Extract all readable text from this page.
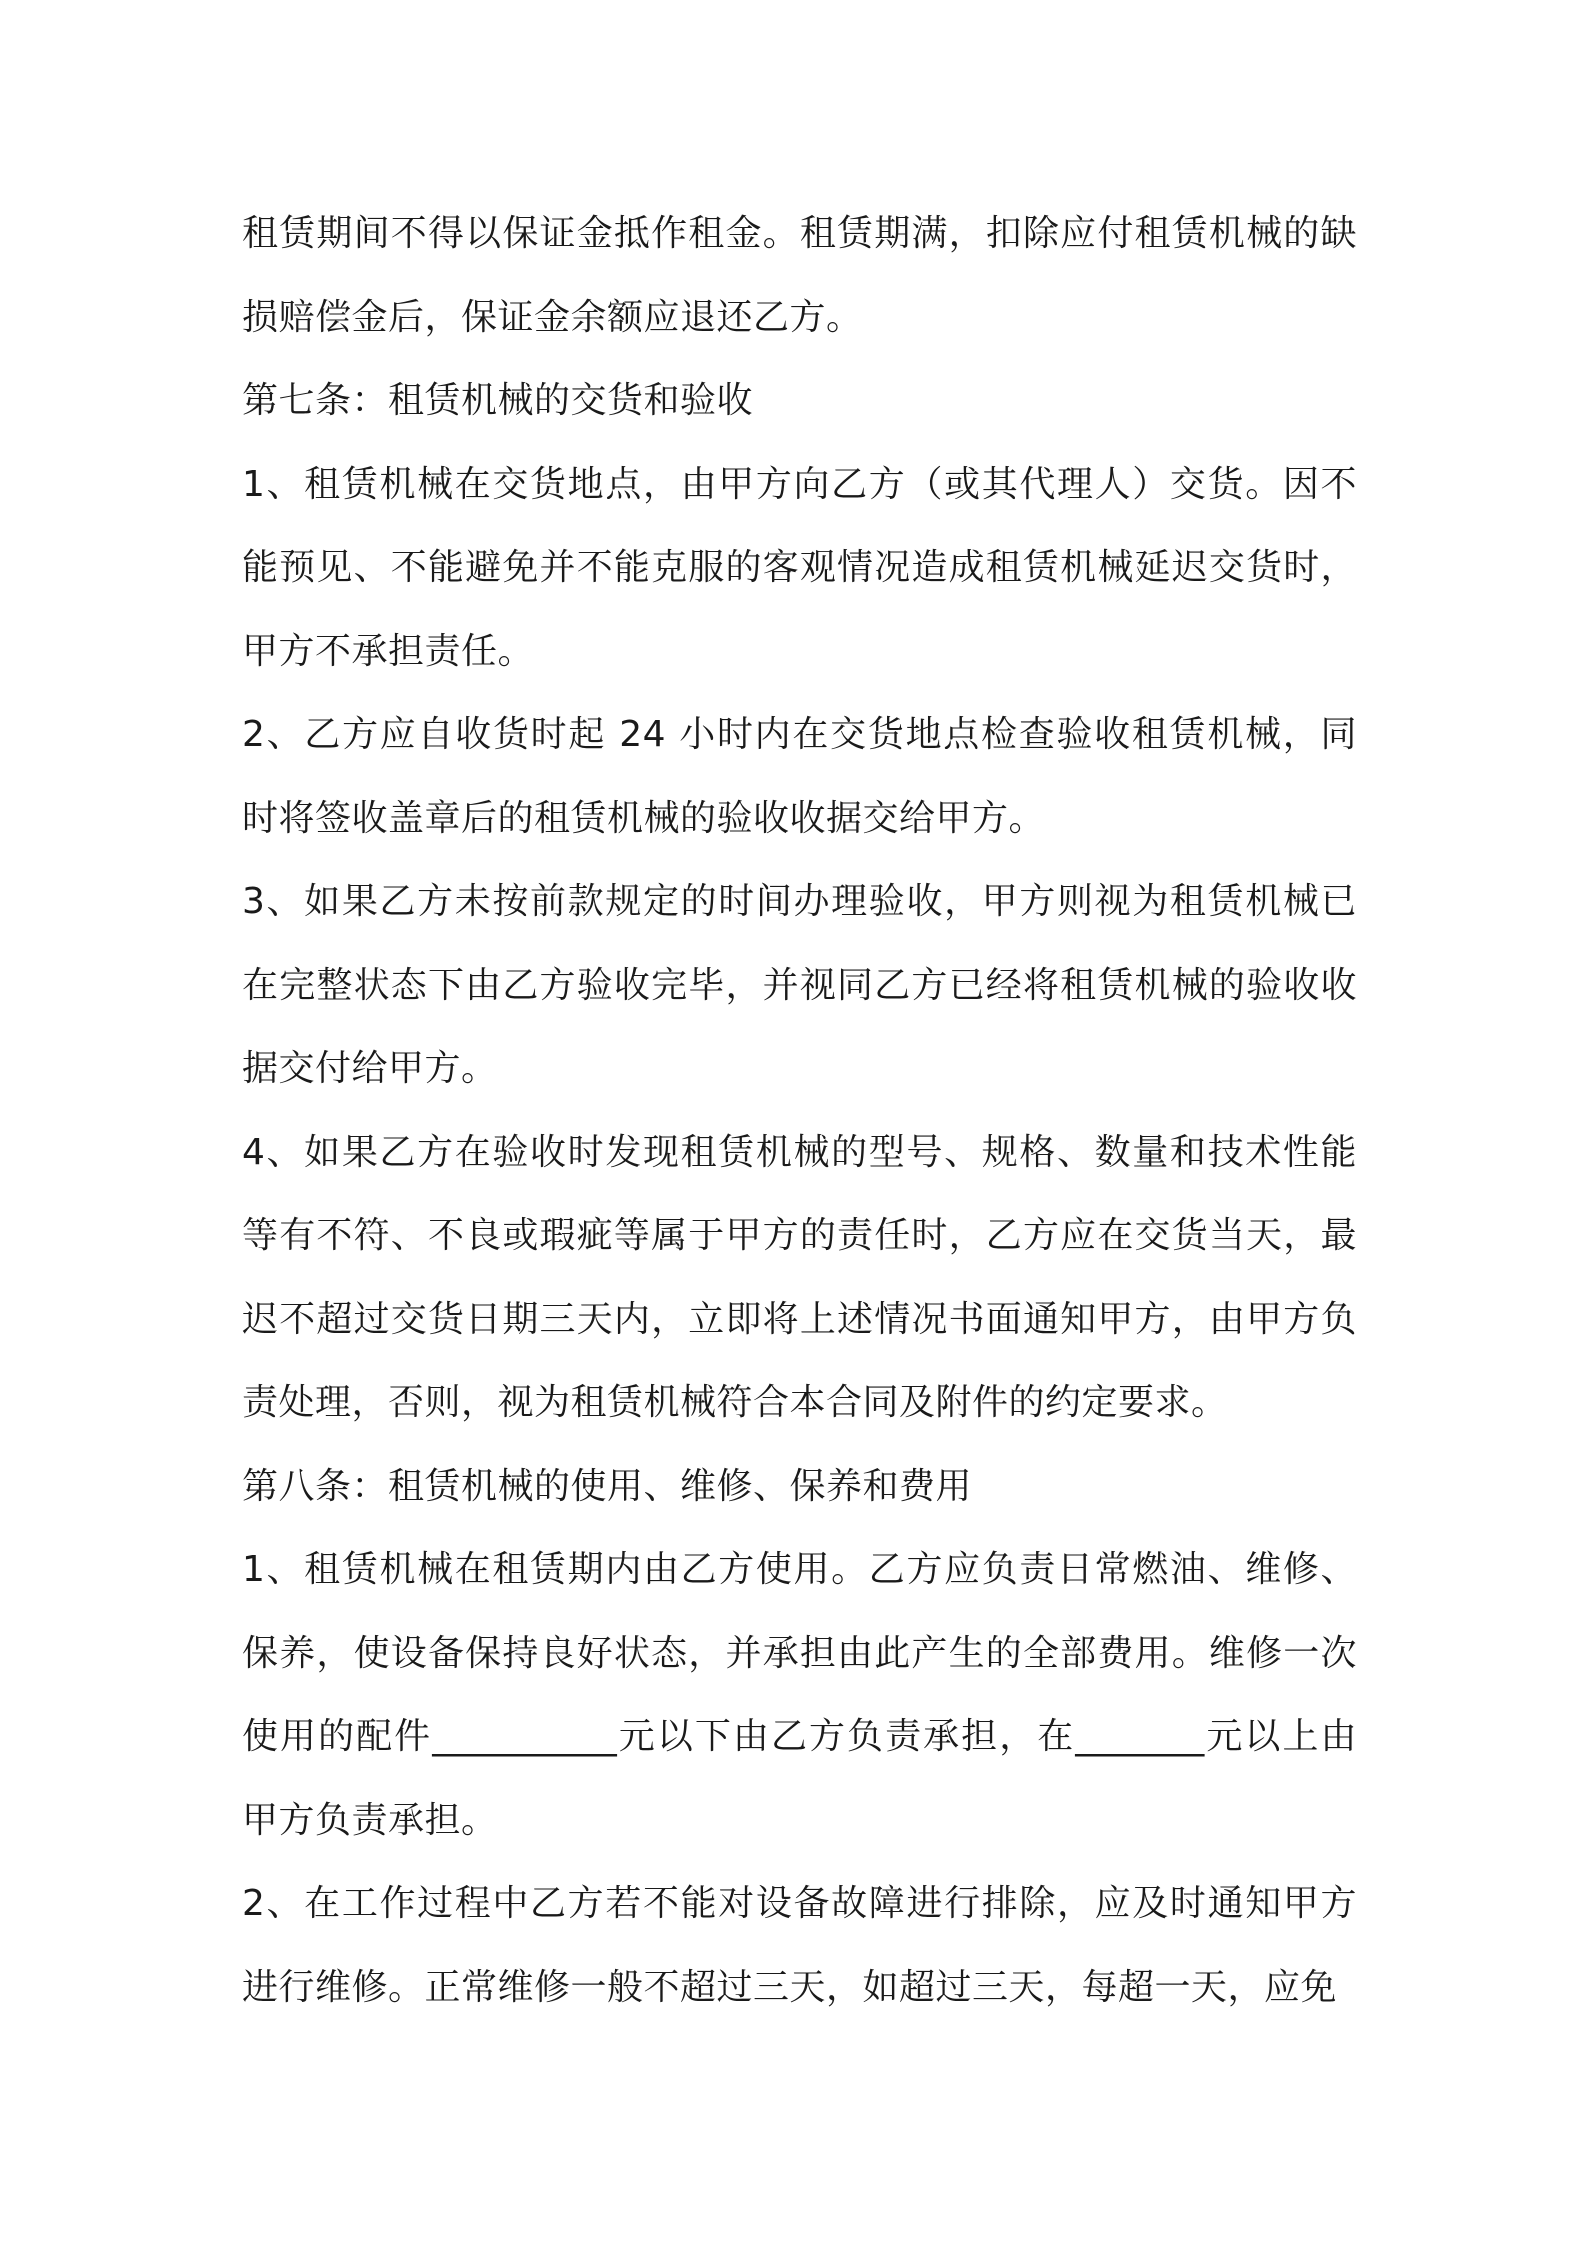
租赁期间不得以保证金抵作租金。租赁期满，扣除应付租赁机械的缺损赔偿金后，保证金余额应退还乙方。

第七条：租赁机械的交货和验收

1、租赁机械在交货地点，由甲方向乙方（或其代理人）交货。因不能预见、不能避免并不能克服的客观情况造成租赁机械延迟交货时，甲方不承担责任。

2、乙方应自收货时起 24 小时内在交货地点检查验收租赁机械，同时将签收盖章后的租赁机械的验收收据交给甲方。

3、如果乙方未按前款规定的时间办理验收，甲方则视为租赁机械已在完整状态下由乙方验收完毕，并视同乙方已经将租赁机械的验收收据交付给甲方。

4、如果乙方在验收时发现租赁机械的型号、规格、数量和技术性能等有不符、不良或瑕疵等属于甲方的责任时，乙方应在交货当天，最迟不超过交货日期三天内，立即将上述情况书面通知甲方，由甲方负责处理，否则，视为租赁机械符合本合同及附件的约定要求。

第八条：租赁机械的使用、维修、保养和费用

1、租赁机械在租赁期内由乙方使用。乙方应负责日常燃油、维修、保养，使设备保持良好状态，并承担由此产生的全部费用。维修一次使用的配件__________元以下由乙方负责承担，在_______元以上由甲方负责承担。

2、在工作过程中乙方若不能对设备故障进行排除，应及时通知甲方进行维修。正常维修一般不超过三天，如超过三天，每超一天，应免
